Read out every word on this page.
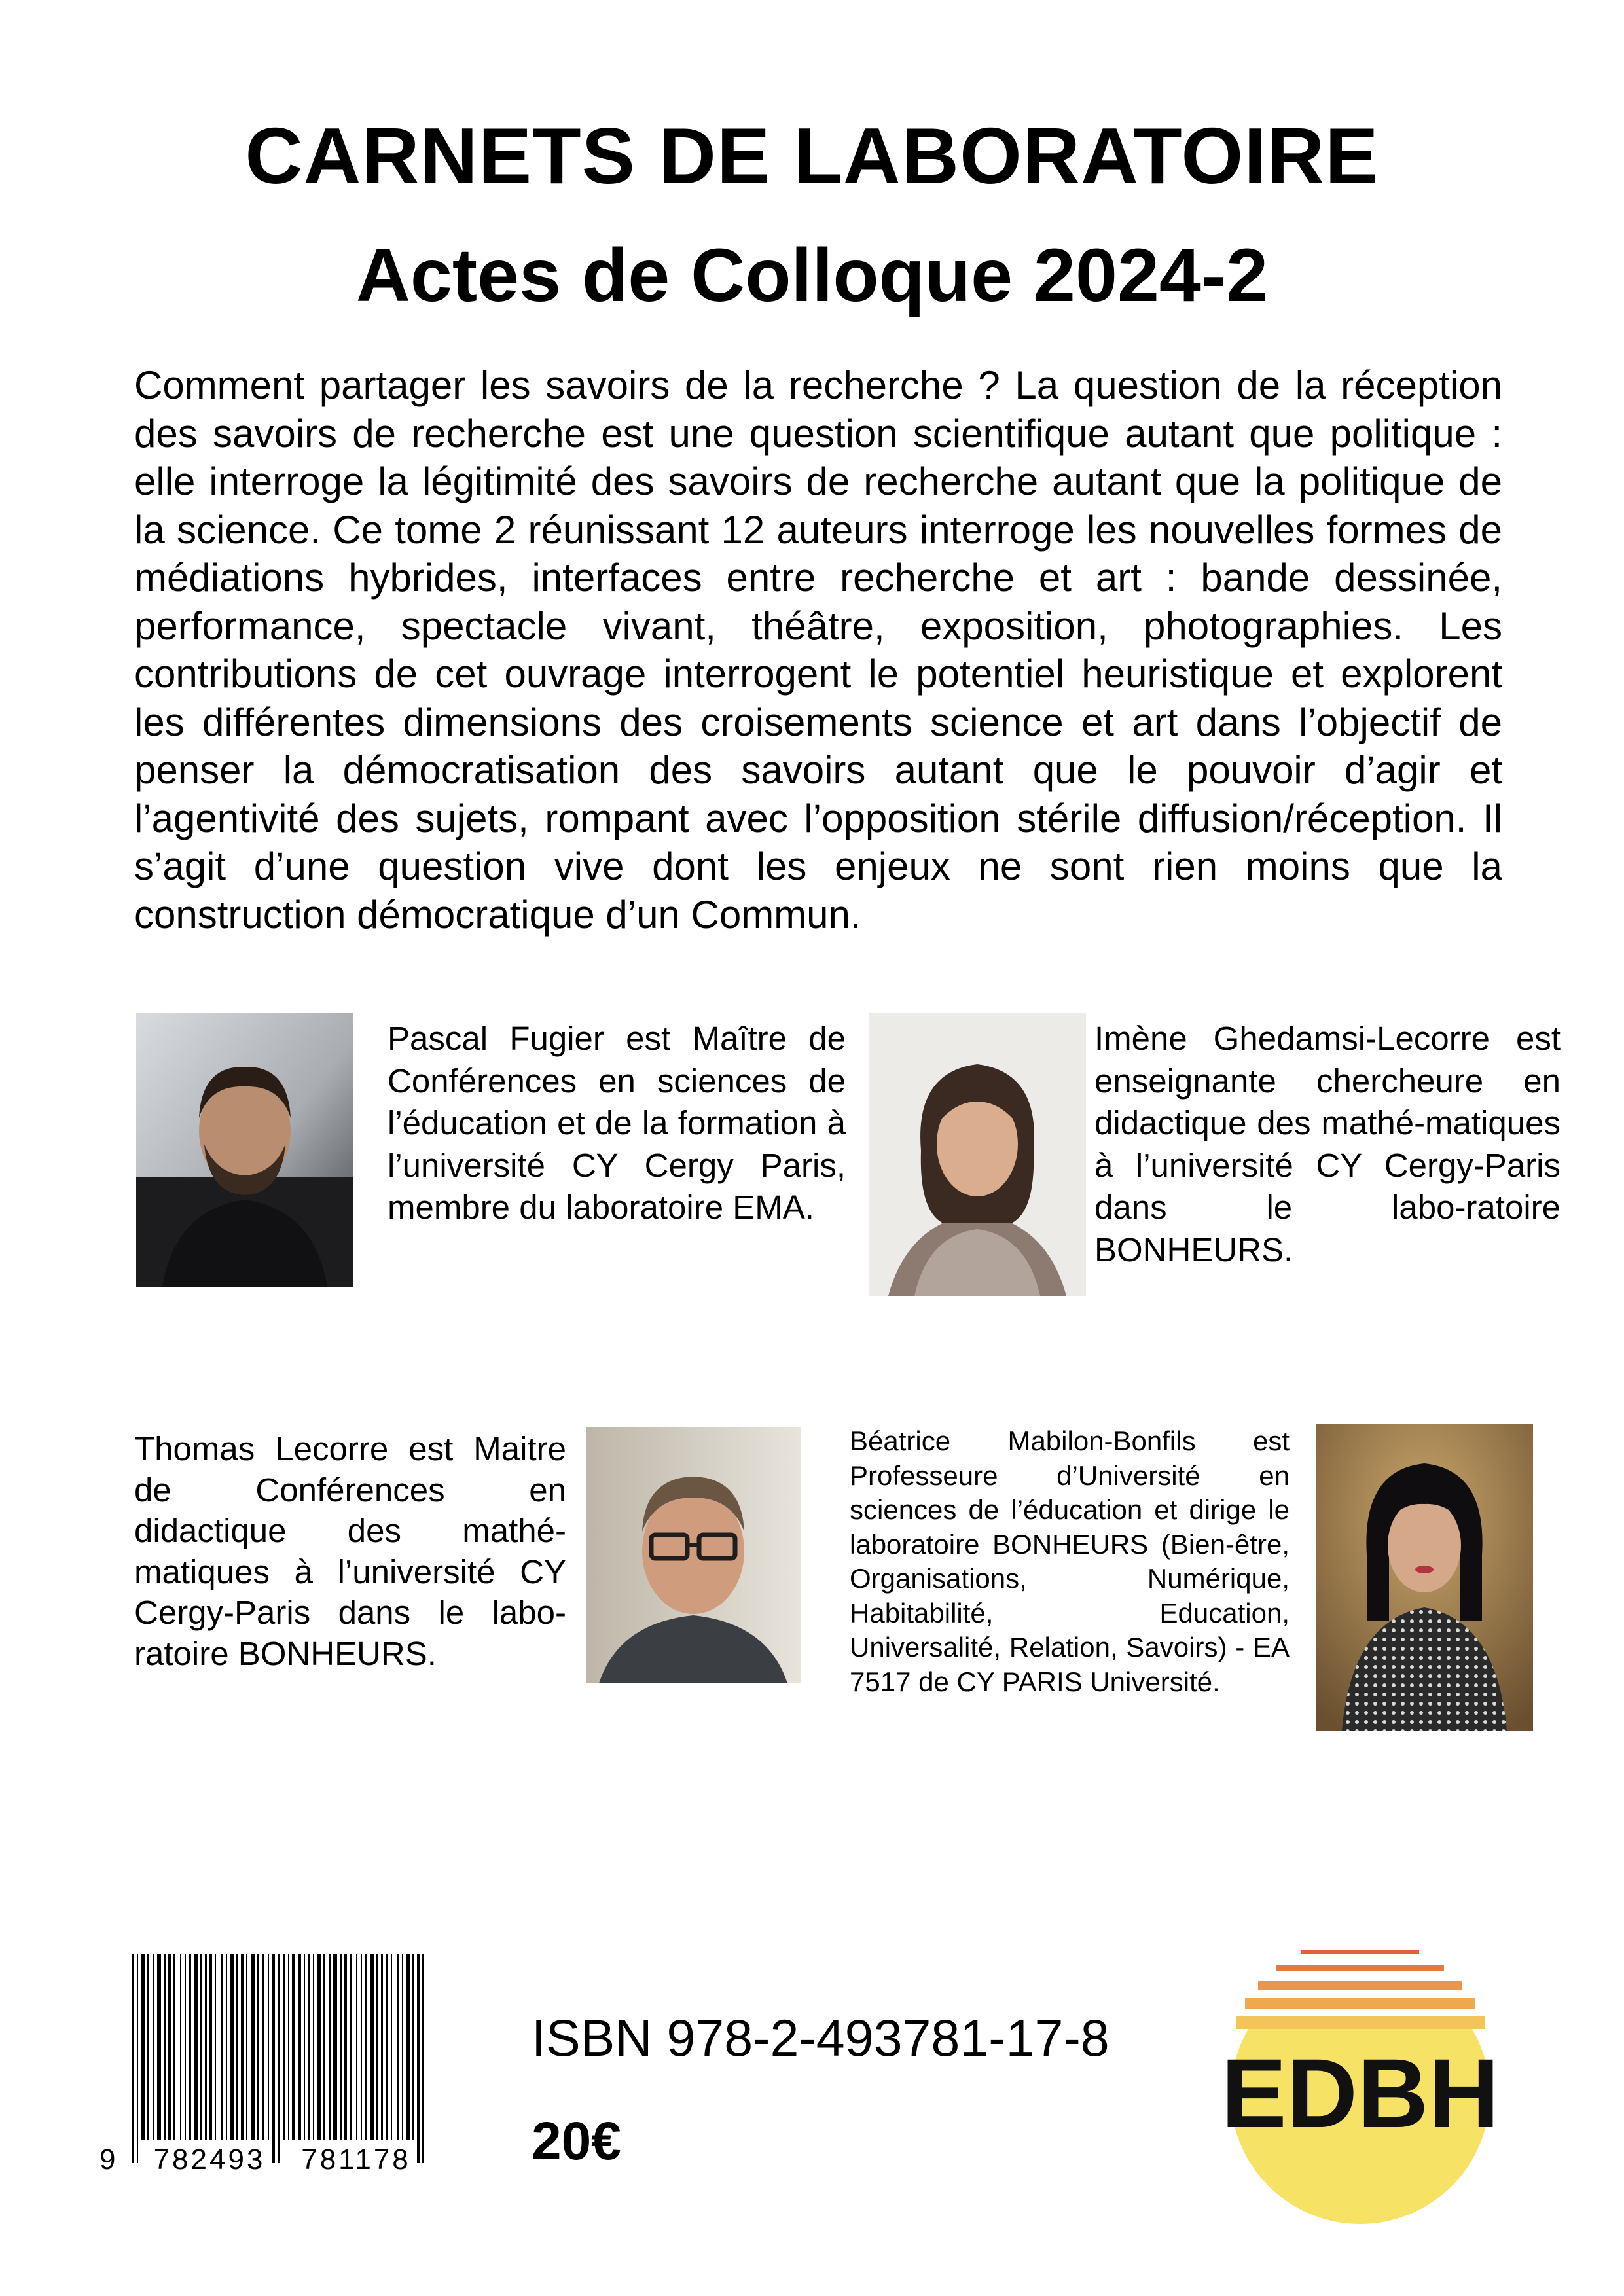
CARNETS DE LABORATOIRE
Actes de Colloque 2024-2

Comment partager les savoirs de la recherche ? La question de la réception des savoirs de recherche est une question scientifique autant que politique : elle interroge la légitimité des savoirs de recherche autant que la politique de la science. Ce tome 2 réunissant 12 auteurs interroge les nouvelles formes de médiations hybrides, interfaces entre recherche et art : bande dessinée, performance, spectacle vivant, théâtre, exposition, photographies. Les contributions de cet ouvrage interrogent le potentiel heuristique et explorent les différentes dimensions des croisements science et art dans l’objectif de penser la démocratisation des savoirs autant que le pouvoir d’agir et l’agentivité des sujets, rompant avec l’opposition stérile diffusion/réception. Il s’agit d’une question vive dont les enjeux ne sont rien moins que la construction démocratique d’un Commun.

Pascal Fugier est Maître de Conférences en sciences de l’éducation et de la formation à l’université CY Cergy Paris, membre du laboratoire EMA.

Imène Ghedamsi-Lecorre est enseignante chercheure en didactique des mathé-matiques à l’université CY Cergy-Paris dans le labo-ratoire BONHEURS.

Thomas Lecorre est Maitre de Conférences en didactique des mathé-matiques à l’université CY Cergy-Paris dans le labo-ratoire BONHEURS.

Béatrice Mabilon-Bonfils est Professeure d’Université en sciences de l’éducation et dirige le laboratoire BONHEURS (Bien-être, Organisations, Numérique, Habitabilité, Education, Universalité, Relation, Savoirs) - EA 7517 de CY PARIS Université.

9	782493	781178

ISBN 978-2-493781-17-8

20€	EDBH
